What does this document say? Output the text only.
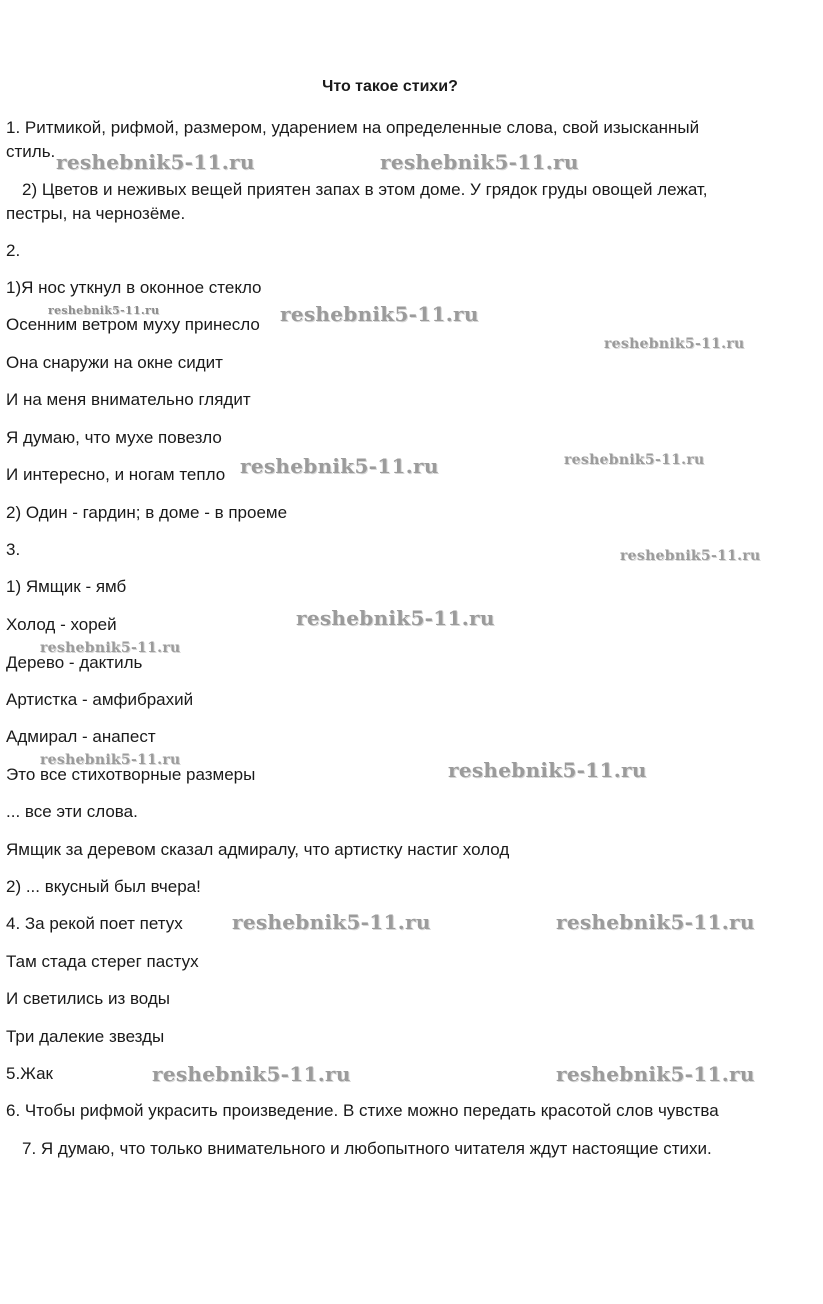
Что такое стихи?
1. Ритмикой, рифмой, размером, ударением на определенные слова, свой изысканный
стиль.
2) Цветов и неживых вещей приятен запах в этом доме. У грядок груды овощей лежат,
пестры, на чернозёме.
2.
1)Я нос уткнул в оконное стекло
Осенним ветром муху принесло
Она снаружи на окне сидит
И на меня внимательно глядит
Я думаю, что мухе повезло
И интересно, и ногам тепло
2) Один - гардин; в доме - в проеме
3.
1) Ямщик - ямб
Холод - хорей
Дерево - дактиль
Артистка - амфибрахий
Адмирал - анапест
Это все стихотворные размеры
... все эти слова.
Ямщик за деревом сказал адмиралу, что артистку настиг холод
2) ... вкусный был вчера!
4. За рекой поет петух
Там стада стерег пастух
И светились из воды
Три далекие звезды
5.Жак
6. Чтобы рифмой украсить произведение. В стихе можно передать красотой слов чувства
7. Я думаю, что только внимательного и любопытного читателя ждут настоящие стихи.
reshebnik5-11.ru	reshebnik5-11.ru
reshebnik5-11.ru	reshebnik5-11.ru
reshebnik5-11.ru
reshebnik5-11.ru	reshebnik5-11.ru
reshebnik5-11.ru
reshebnik5-11.ru
reshebnik5-11.ru
reshebnik5-11.ru	reshebnik5-11.ru
reshebnik5-11.ru	reshebnik5-11.ru
reshebnik5-11.ru	reshebnik5-11.ru
